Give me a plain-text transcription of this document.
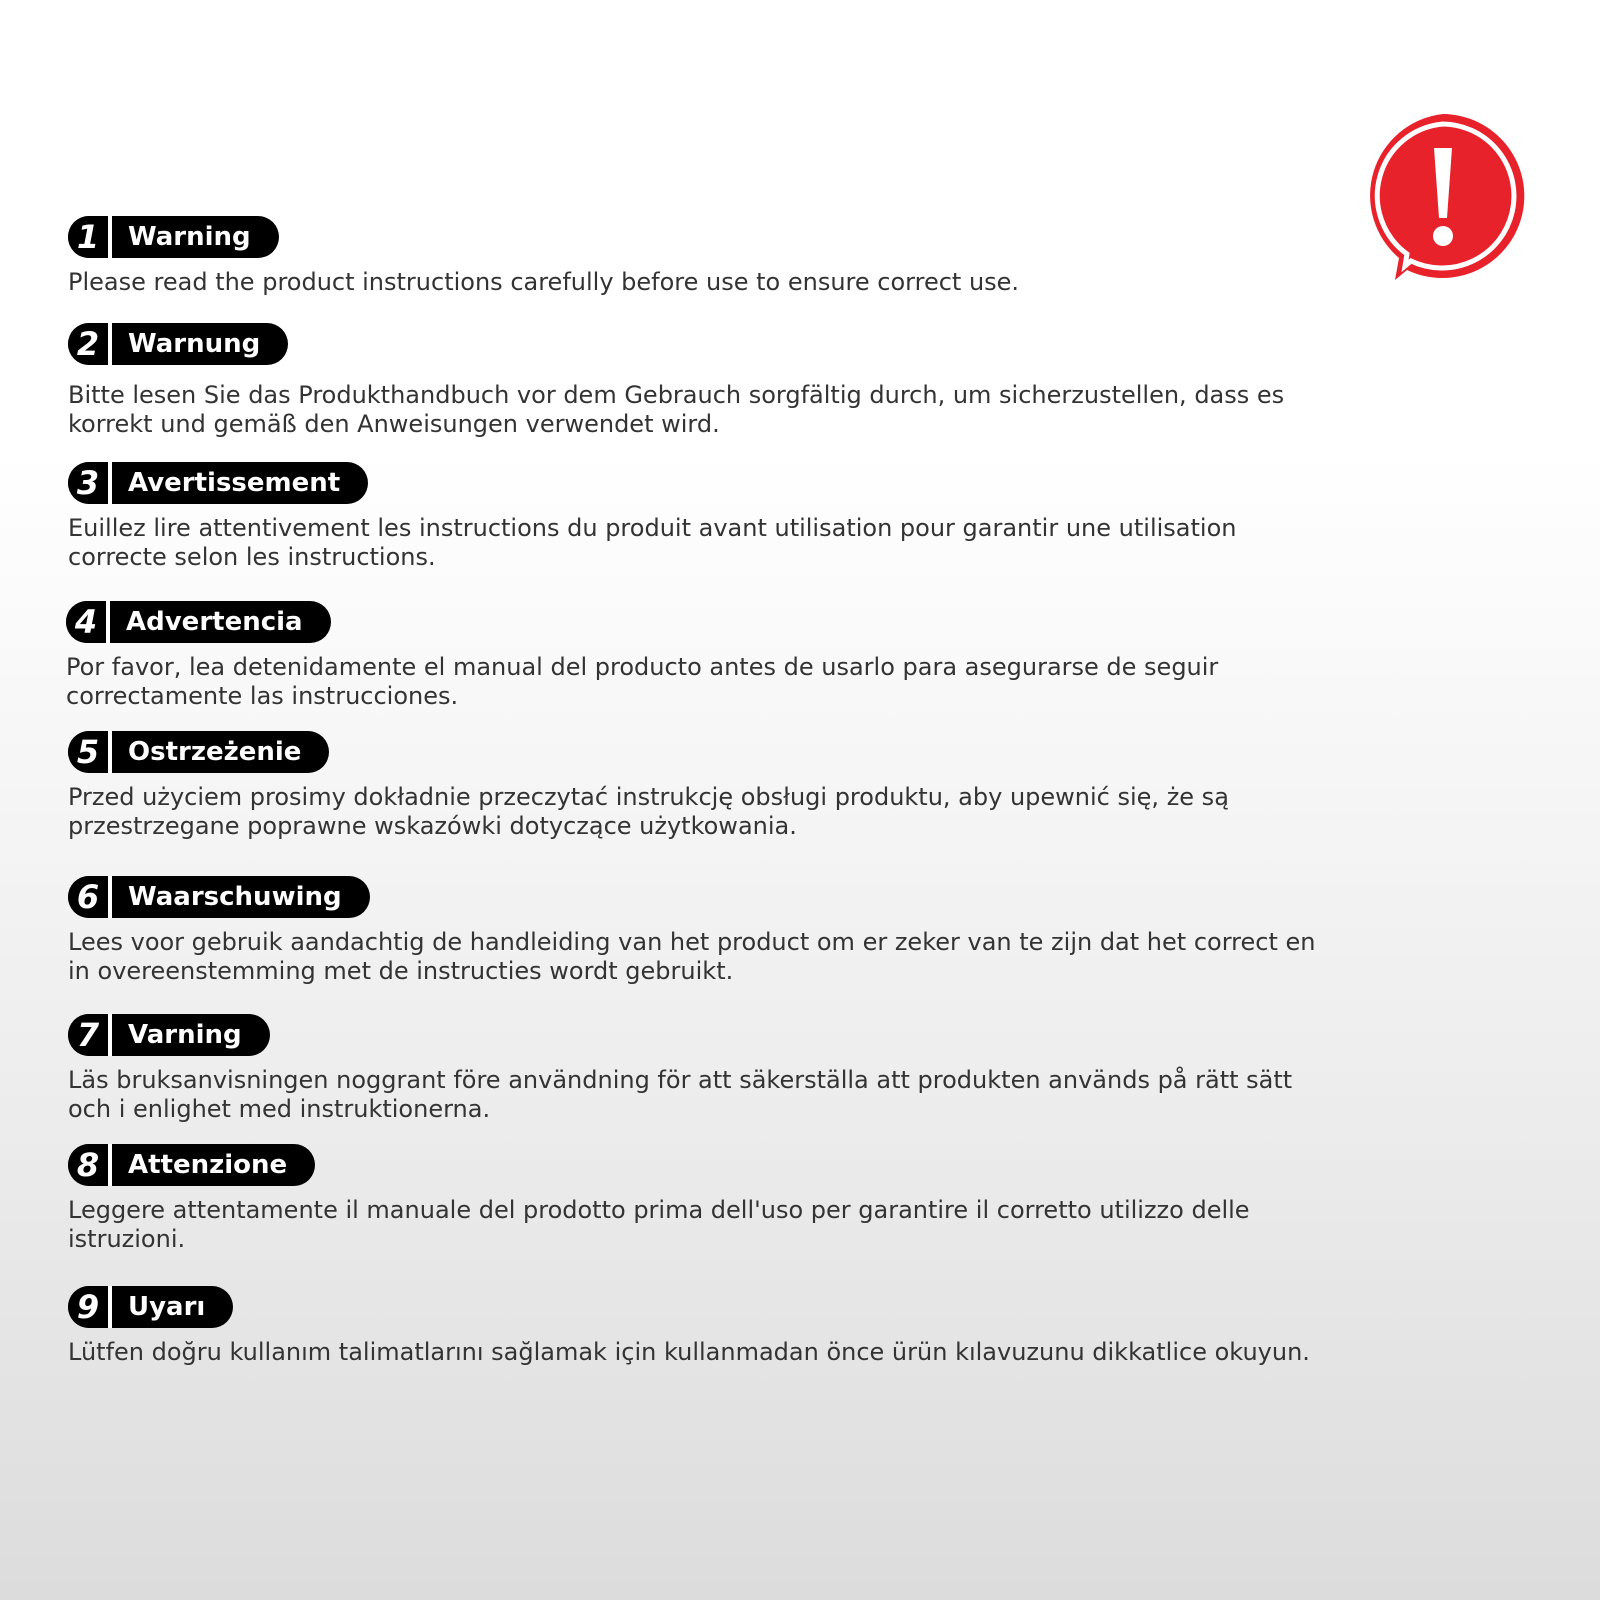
1	Warning

Please read the product instructions carefully before use to ensure correct use.

2	Warnung

Bitte lesen Sie das Produkthandbuch vor dem Gebrauch sorgfältig durch, um sicherzustellen, dass es korrekt und gemäß den Anweisungen verwendet wird.

3	Avertissement

Euillez lire attentivement les instructions du produit avant utilisation pour garantir une utilisation correcte selon les instructions.

4	Advertencia

Por favor, lea detenidamente el manual del producto antes de usarlo para asegurarse de seguir correctamente las instrucciones.

5	Ostrzeżenie

Przed użyciem prosimy dokładnie przeczytać instrukcję obsługi produktu, aby upewnić się, że są przestrzegane poprawne wskazówki dotyczące użytkowania.

6	Waarschuwing

Lees voor gebruik aandachtig de handleiding van het product om er zeker van te zijn dat het correct en in overeenstemming met de instructies wordt gebruikt.

7	Varning

Läs bruksanvisningen noggrant före användning för att säkerställa att produkten används på rätt sätt och i enlighet med instruktionerna.

8	Attenzione

Leggere attentamente il manuale del prodotto prima dell'uso per garantire il corretto utilizzo delle istruzioni.

9	Uyarı

Lütfen doğru kullanım talimatlarını sağlamak için kullanmadan önce ürün kılavuzunu dikkatlice okuyun.
